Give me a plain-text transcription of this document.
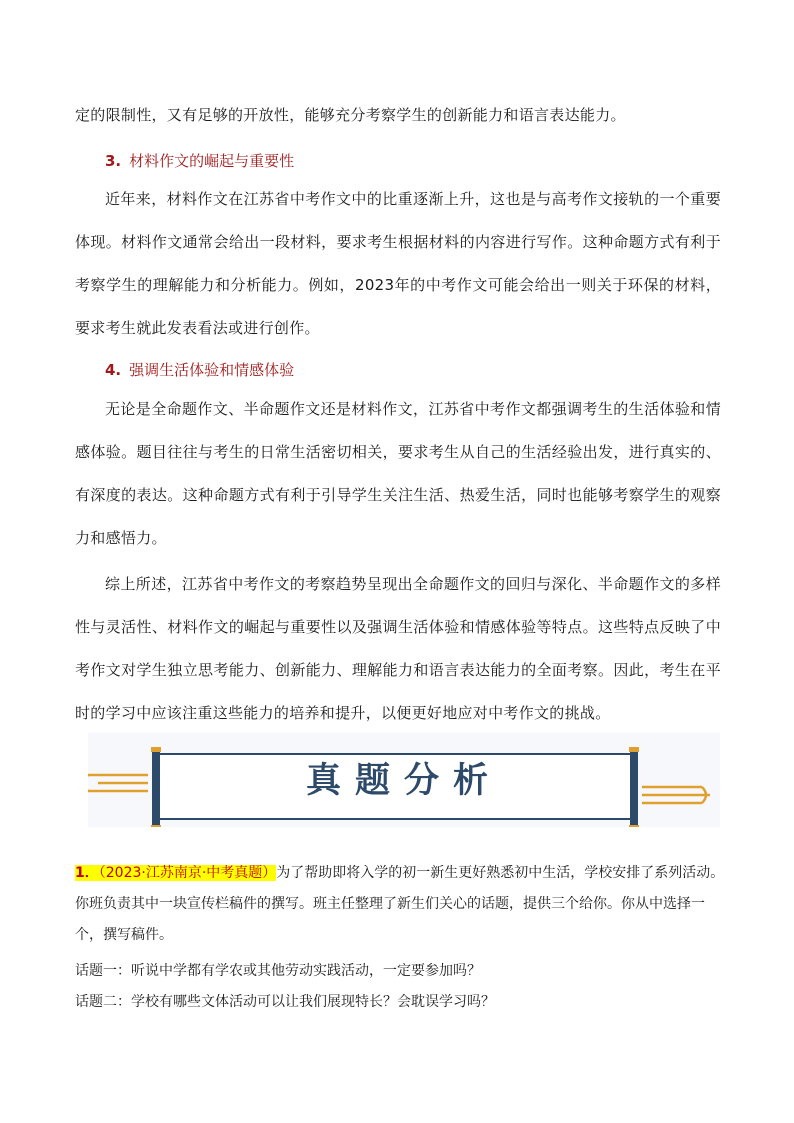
定的限制性，又有足够的开放性，能够充分考察学生的创新能力和语言表达能力。

3. 材料作文的崛起与重要性

近年来，材料作文在江苏省中考作文中的比重逐渐上升，这也是与高考作文接轨的一个重要体现。材料作文通常会给出一段材料，要求考生根据材料的内容进行写作。这种命题方式有利于考察学生的理解能力和分析能力。例如，2023年的中考作文可能会给出一则关于环保的材料，要求考生就此发表看法或进行创作。

4. 强调生活体验和情感体验

无论是全命题作文、半命题作文还是材料作文，江苏省中考作文都强调考生的生活体验和情感体验。题目往往与考生的日常生活密切相关，要求考生从自己的生活经验出发，进行真实的、有深度的表达。这种命题方式有利于引导学生关注生活、热爱生活，同时也能够考察学生的观察力和感悟力。

综上所述，江苏省中考作文的考察趋势呈现出全命题作文的回归与深化、半命题作文的多样性与灵活性、材料作文的崛起与重要性以及强调生活体验和情感体验等特点。这些特点反映了中考作文对学生独立思考能力、创新能力、理解能力和语言表达能力的全面考察。因此，考生在平时的学习中应该注重这些能力的培养和提升，以便更好地应对中考作文的挑战。

真题分析

1．（2023·江苏南京·中考真题）为了帮助即将入学的初一新生更好熟悉初中生活，学校安排了系列活动。你班负责其中一块宣传栏稿件的撰写。班主任整理了新生们关心的话题，提供三个给你。你从中选择一个，撰写稿件。

话题一：听说中学都有学农或其他劳动实践活动，一定要参加吗？

话题二：学校有哪些文体活动可以让我们展现特长？会耽误学习吗？
